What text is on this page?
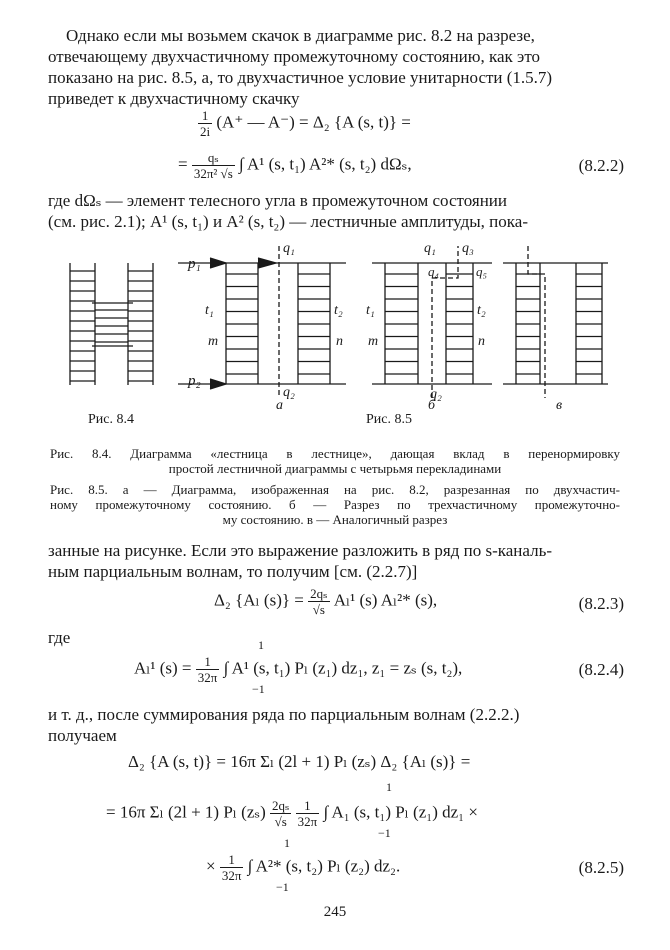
Однако если мы возьмем скачок в диаграмме рис. 8.2 на разрезе,
отвечающему двухчастичному промежуточному состоянию, как это
показано на рис. 8.5, а, то двухчастичное условие унитарности (1.5.7)
приведет к двухчастичному скачку
$\frac{1}{2i} (A^+$ — A⁻) = Δ₂ {A (s, t)} =
= $\frac{\text{qₛ}}{\text{32π² √s}}$ ∫ A¹ (s, t₁) A²* (s, t₂) dΩₛ,	(8.2.2)
где dΩₛ — элемент телесного угла в промежуточном состоянии
(см. рис. 2.1); A¹ (s, t₁) и A² (s, t₂) — лестничные амплитуды, пока-
p₁
p₂
q₁
q₂
t₁
m
t₂
n
q₁ q₃
q₄	q₅
t₁
m
t₂
n
q₂
Рис. 8.4	Рис. 8.5
а	б	в
Рис. 8.4. Диаграмма «лестница в лестнице», дающая вклад в перенормировку
простой лестничной диаграммы с четырьмя перекладинами
Рис. 8.5. а — Диаграмма, изображенная на рис. 8.2, разрезанная по двухчастич-
ному промежуточному состоянию. б — Разрез по трехчастичному промежуточно-
му состоянию. в — Аналогичный разрез
занные на рисунке. Если это выражение разложить в ряд по s-каналь-
ным парциальным волнам, то получим [см. (2.2.7)]
Δ₂ {Aₗ $(s)\} = \frac{\text{2qₛ}}{√s} A_l^1$ (s) Aₗ²* (s),	(8.2.3)
где
Aₗ¹ $(s) = \frac{1}{32\pi}$ ∫ A¹ (s, t₁) Pₗ (z₁) dz₁, z₁ = zₛ (s, t₂),
1
−1
(8.2.4)
и т. д., после суммирования ряда по парциальным волнам (2.2.2.)
получаем
Δ₂ {A (s, t)} = 16π Σₗ (2l + 1) Pₗ (zₛ) Δ₂ {Aₗ (s)} =
= 16π Σₗ (2l + 1) Pₗ $(z_s) \frac{\text{2qₛ}}{√s}$
$\frac{1}{32\pi}$ ∫ A₁ (s, t₁) Pₗ (z₁) dz₁ ×
1
−1
× $\frac{1}{32\pi}$ ∫ A²* (s, t₂) Pₗ (z₂) dz₂.
1
−1
(8.2.5)
245
